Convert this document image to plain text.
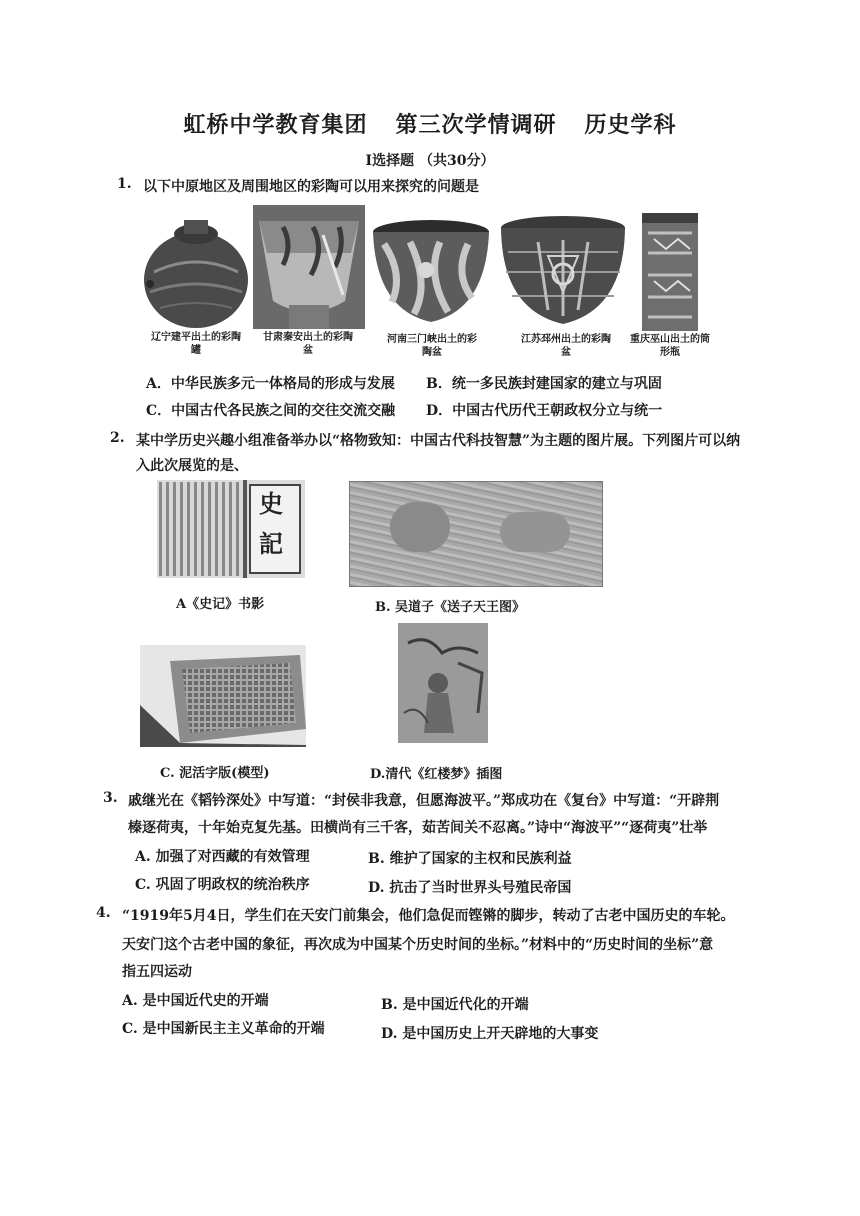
虹桥中学教育集团 第三次学情调研 历史学科
I选择题 （共30分）
1. 以下中原地区及周围地区的彩陶可以用来探究的问题是
辽宁建平出土的彩陶罐
甘肃秦安出土的彩陶盆
河南三门峡出土的彩陶盆
江苏邳州出土的彩陶盆
重庆巫山出土的筒形瓶
A．中华民族多元一体格局的形成与发展 B．统一多民族封建国家的建立与巩固
C．中国古代各民族之间的交往交流交融 D．中国古代历代王朝政权分立与统一
2. 某中学历史兴趣小组准备举办以“格物致知：中国古代科技智慧”为主题的图片展。下列图片可以纳
入此次展览的是、
史
記
A《史记》书影	B. 吴道子《送子天王图》
C. 泥活字版(模型)	D.清代《红楼梦》插图
3. 戚继光在《韬钤深处》中写道：“封侯非我意，但愿海波平。”郑成功在《复台》中写道：“开辟荆
榛逐荷夷，十年始克复先基。田横尚有三千客，茹苦间关不忍离。”诗中“海波平”“逐荷夷”壮举
A. 加强了对西藏的有效管理	B. 维护了国家的主权和民族利益
C. 巩固了明政权的统治秩序	D. 抗击了当时世界头号殖民帝国
4. “1919年5月4日，学生们在天安门前集会，他们急促而铿锵的脚步，转动了古老中国历史的车轮。
天安门这个古老中国的象征，再次成为中国某个历史时间的坐标。”材料中的“历史时间的坐标”意
指五四运动
A. 是中国近代史的开端	B. 是中国近代化的开端
C. 是中国新民主主义革命的开端	D. 是中国历史上开天辟地的大事变
